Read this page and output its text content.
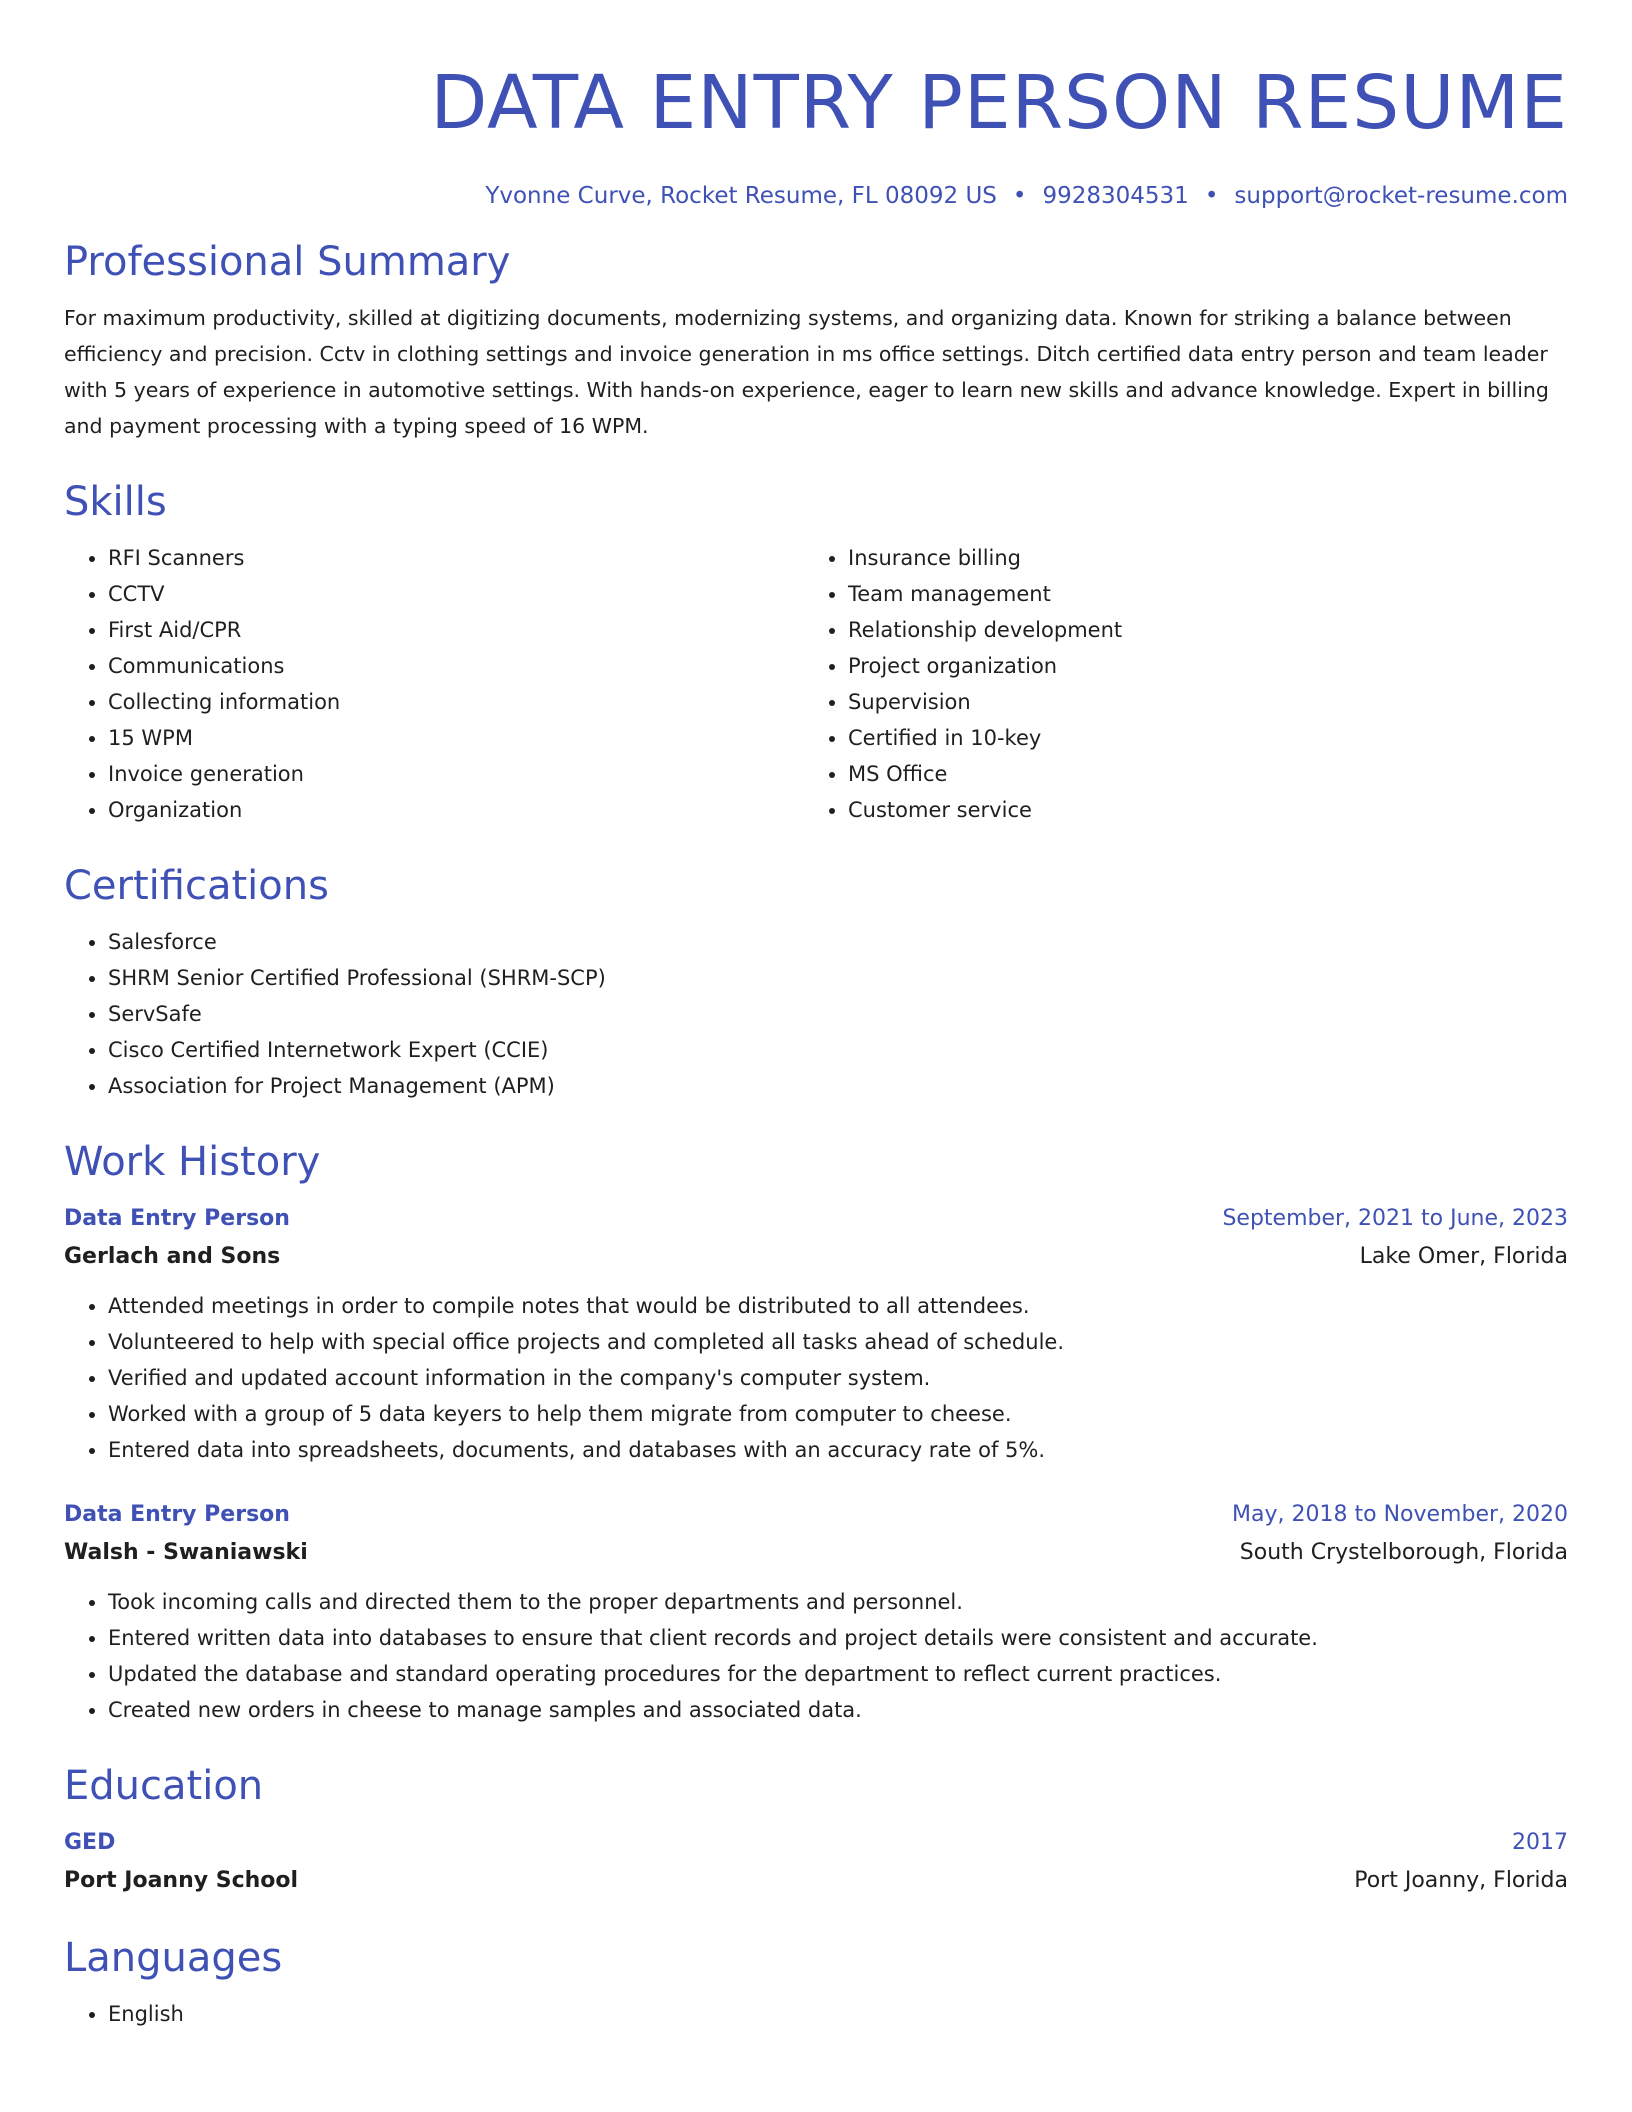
DATA ENTRY PERSON RESUME
Yvonne Curve, Rocket Resume, FL 08092 US • 9928304531 • support@rocket-resume.com
Professional Summary
For maximum productivity, skilled at digitizing documents, modernizing systems, and organizing data. Known for striking a balance between efficiency and precision. Cctv in clothing settings and invoice generation in ms office settings. Ditch certified data entry person and team leader with 5 years of experience in automotive settings. With hands-on experience, eager to learn new skills and advance knowledge. Expert in billing and payment processing with a typing speed of 16 WPM.
Skills
• RFI Scanners
• CCTV
• First Aid/CPR
• Communications
• Collecting information
• 15 WPM
• Invoice generation
• Organization
• Insurance billing
• Team management
• Relationship development
• Project organization
• Supervision
• Certified in 10-key
• MS Office
• Customer service
Certifications
• Salesforce
• SHRM Senior Certified Professional (SHRM-SCP)
• ServSafe
• Cisco Certified Internetwork Expert (CCIE)
• Association for Project Management (APM)
Work History
Data Entry Person	September, 2021 to June, 2023
Gerlach and Sons	Lake Omer, Florida
• Attended meetings in order to compile notes that would be distributed to all attendees.
• Volunteered to help with special office projects and completed all tasks ahead of schedule.
• Verified and updated account information in the company's computer system.
• Worked with a group of 5 data keyers to help them migrate from computer to cheese.
• Entered data into spreadsheets, documents, and databases with an accuracy rate of 5%.
Data Entry Person	May, 2018 to November, 2020
Walsh - Swaniawski	South Crystelborough, Florida
• Took incoming calls and directed them to the proper departments and personnel.
• Entered written data into databases to ensure that client records and project details were consistent and accurate.
• Updated the database and standard operating procedures for the department to reflect current practices.
• Created new orders in cheese to manage samples and associated data.
Education
GED	2017
Port Joanny School	Port Joanny, Florida
Languages
• English
